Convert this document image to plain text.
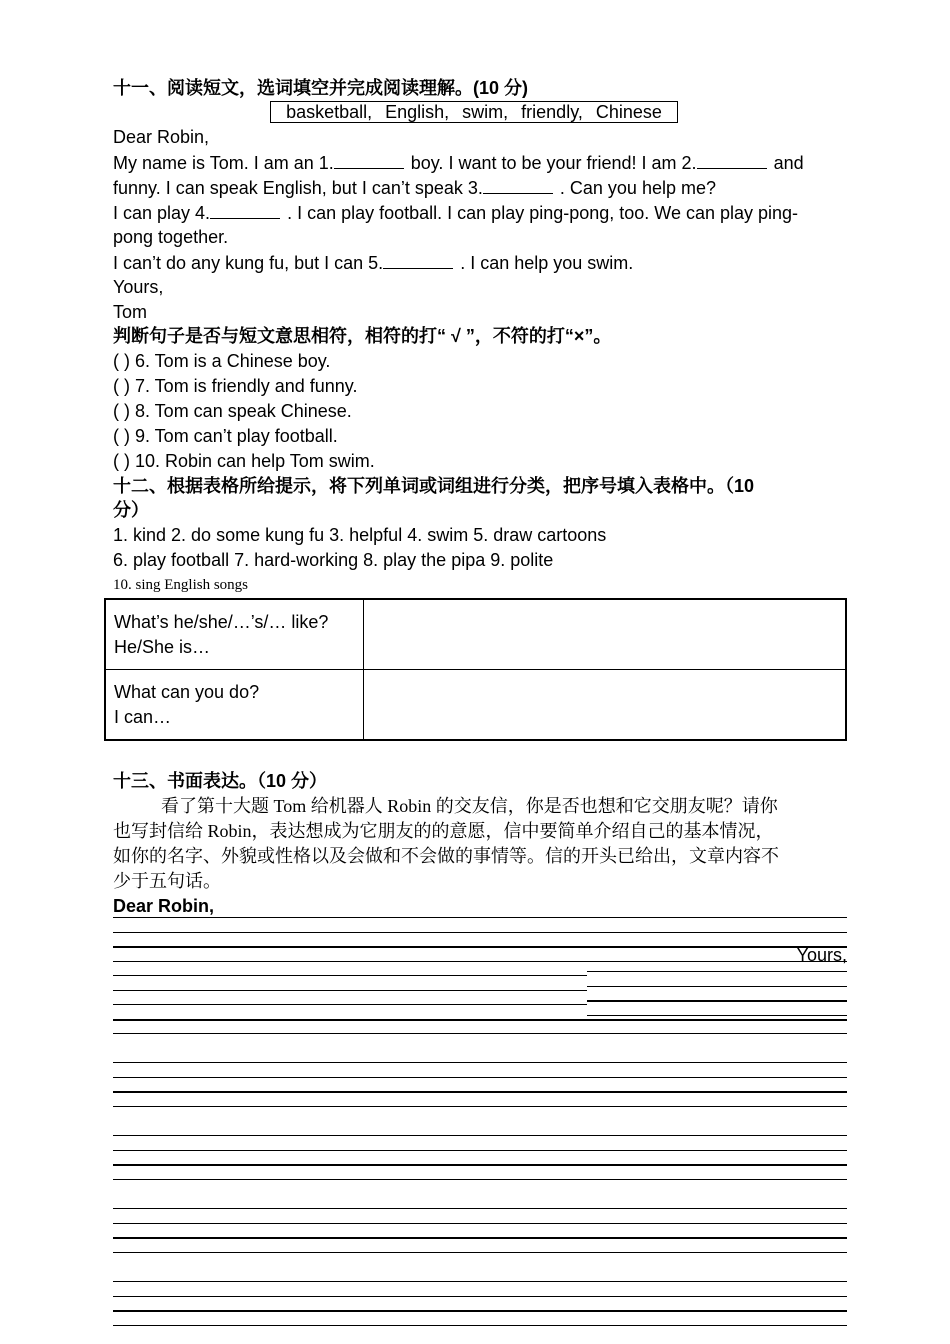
十一、阅读短文，选词填空并完成阅读理解。(10 分)
basketball, English, swim, friendly, Chinese
Dear Robin,
My name is Tom. I am an 1.	boy. I want to be your friend! I am 2.	and
funny. I can speak English, but I can’t speak 3.	. Can you help me?
I can play 4.	. I can play football. I can play ping-pong, too. We can play ping-
pong together.
I can’t do any kung fu, but I can 5.	. I can help you swim.
Yours,
Tom
判断句子是否与短文意思相符，相符的打“ √ ”，不符的打“×”。
( ) 6. Tom is a Chinese boy.
( ) 7. Tom is friendly and funny.
( ) 8. Tom can speak Chinese.
( ) 9. Tom can’t play football.
( ) 10. Robin can help Tom swim.
十二、根据表格所给提示，将下列单词或词组进行分类，把序号填入表格中。（10
分）
1. kind 2. do some kung fu 3. helpful 4. swim 5. draw cartoons
6. play football 7. hard-working 8. play the pipa 9. polite
10. sing English songs
What’s he/she/…’s/… like?
He/She is…	

What can you do?
I can…	

十三、书面表达。（10 分）
看了第十大题 Tom 给机器人 Robin 的交友信，你是否也想和它交朋友呢？请你
也写封信给 Robin，表达想成为它朋友的的意愿，信中要简单介绍自己的基本情况，
如你的名字、外貌或性格以及会做和不会做的事情等。信的开头已给出，文章内容不
少于五句话。
Dear Robin,
Yours,
